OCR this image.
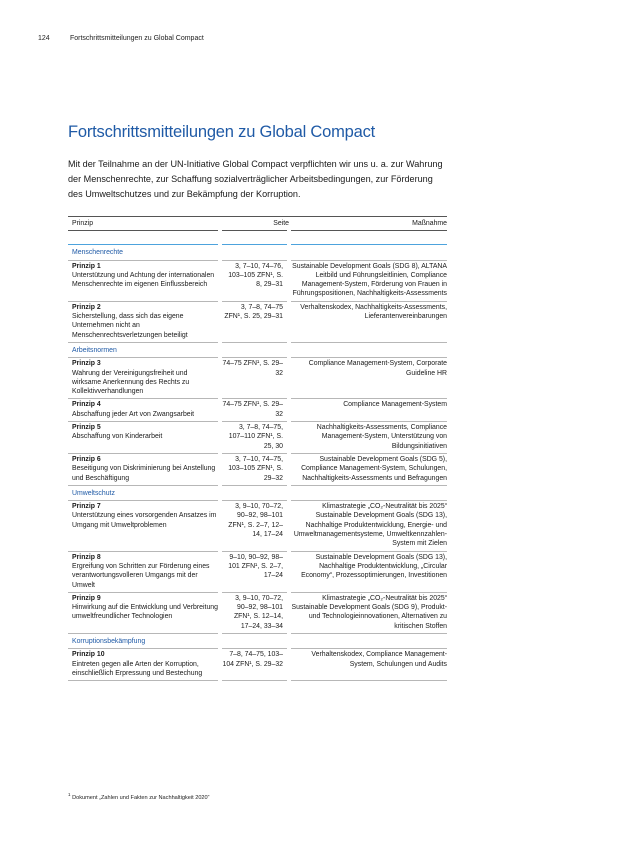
124	Fortschrittsmitteilungen zu Global Compact
Fortschrittsmitteilungen zu Global Compact

Mit der Teilnahme an der UN-Initiative Global Compact verpflichten wir uns u. a. zur Wahrung der Menschenrechte, zur Schaffung sozialverträglicher Arbeitsbedingungen, zur Förderung des Umweltschutzes und zur Bekämpfung der Korruption.

Prinzip	Seite	Maßnahme

Menschenrechte		

Prinzip 1
Unterstützung und Achtung der internationalen Menschenrechte im eigenen Einflussbereich	3, 7–10, 74–76, 103–105 ZFN¹, S. 8, 29–31	Sustainable Development Goals (SDG 8), ALTANA Leitbild und Führungsleitlinien, Compliance Management-System, Förderung von Frauen in Führungspositionen, Nachhaltigkeits-Assessments

Prinzip 2
Sicherstellung, dass sich das eigene Unternehmen nicht an Menschenrechtsverletzungen beteiligt	3, 7–8, 74–75 ZFN¹, S. 25, 29–31	Verhaltenskodex, Nachhaltigkeits-Assessments, Lieferantenvereinbarungen
Arbeitsnormen		

Prinzip 3
Wahrung der Vereinigungsfreiheit und wirksame Anerkennung des Rechts zu Kollektivverhandlungen	74–75 ZFN¹, S. 29–32	Compliance Management-System, Corporate Guideline HR

Prinzip 4
Abschaffung jeder Art von Zwangsarbeit	74–75 ZFN¹, S. 29–32	Compliance Management-System

Prinzip 5
Abschaffung von Kinderarbeit	3, 7–8, 74–75, 107–110 ZFN¹, S. 25, 30	Nachhaltigkeits-Assessments, Compliance Management-System, Unterstützung von Bildungsinitiativen

Prinzip 6
Beseitigung von Diskriminierung bei Anstellung und Beschäftigung	3, 7–10, 74–75, 103–105 ZFN¹, S. 29–32	Sustainable Development Goals (SDG 5), Compliance Management-System, Schulungen, Nachhaltigkeits-Assessments und Befragungen
Umweltschutz		

Prinzip 7
Unterstützung eines vorsorgenden Ansatzes im Umgang mit Umweltproblemen	3, 9–10, 70–72, 90–92, 98–101 ZFN¹, S. 2–7, 12–14, 17–24	Klimastrategie „CO₂-Neutralität bis 2025“ Sustainable Development Goals (SDG 13), Nachhaltige Produktentwicklung, Energie- und Umweltmanagementsysteme, Umweltkennzahlen-System mit Zielen

Prinzip 8
Ergreifung von Schritten zur Förderung eines verantwortungsvolleren Umgangs mit der Umwelt	9–10, 90–92, 98–101 ZFN¹, S. 2–7, 17–24	Sustainable Development Goals (SDG 13), Nachhaltige Produktentwicklung, „Circular Economy“, Prozessoptimierungen, Investitionen

Prinzip 9
Hinwirkung auf die Entwicklung und Verbreitung umweltfreundlicher Technologien	3, 9–10, 70–72, 90–92, 98–101 ZFN¹, S. 12–14, 17–24, 33–34	Klimastrategie „CO₂-Neutralität bis 2025“ Sustainable Development Goals (SDG 9), Produkt- und Technologieinnovationen, Alternativen zu kritischen Stoffen
Korruptionsbekämpfung		

Prinzip 10
Eintreten gegen alle Arten der Korruption, einschließlich Erpressung und Bestechung	7–8, 74–75, 103–104 ZFN¹, S. 29–32	Verhaltenskodex, Compliance Management-System, Schulungen und Audits
$^1$ Dokument „Zahlen und Fakten zur Nachhaltigkeit 2020“
